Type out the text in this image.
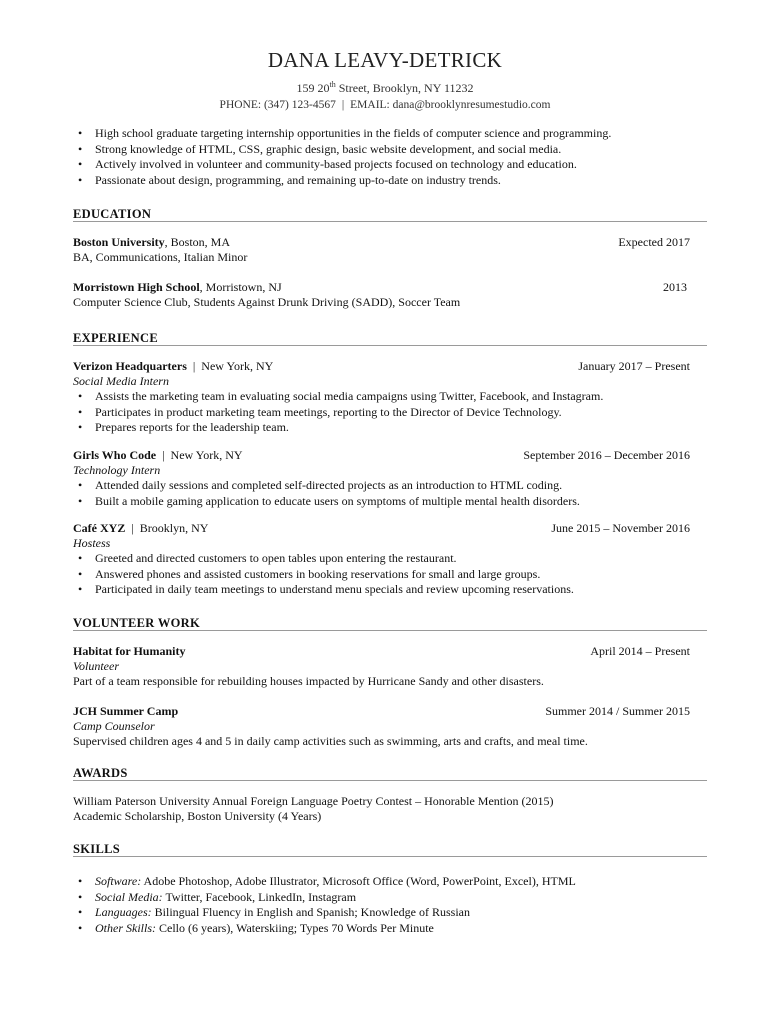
DANA LEAVY-DETRICK
159 20th Street, Brooklyn, NY 11232
PHONE: (347) 123-4567 | EMAIL: dana@brooklynresumestudio.com
• High school graduate targeting internship opportunities in the fields of computer science and programming.
• Strong knowledge of HTML, CSS, graphic design, basic website development, and social media.
• Actively involved in volunteer and community-based projects focused on technology and education.
• Passionate about design, programming, and remaining up-to-date on industry trends.
EDUCATION
Boston University, Boston, MA	Expected 2017
BA, Communications, Italian Minor
Morristown High School, Morristown, NJ	2013
Computer Science Club, Students Against Drunk Driving (SADD), Soccer Team
EXPERIENCE
Verizon Headquarters | New York, NY	January 2017 – Present
Social Media Intern
• Assists the marketing team in evaluating social media campaigns using Twitter, Facebook, and Instagram.
• Participates in product marketing team meetings, reporting to the Director of Device Technology.
• Prepares reports for the leadership team.
Girls Who Code | New York, NY	September 2016 – December 2016
Technology Intern
• Attended daily sessions and completed self-directed projects as an introduction to HTML coding.
• Built a mobile gaming application to educate users on symptoms of multiple mental health disorders.
Café XYZ | Brooklyn, NY	June 2015 – November 2016
Hostess
• Greeted and directed customers to open tables upon entering the restaurant.
• Answered phones and assisted customers in booking reservations for small and large groups.
• Participated in daily team meetings to understand menu specials and review upcoming reservations.
VOLUNTEER WORK
Habitat for Humanity	April 2014 – Present
Volunteer
Part of a team responsible for rebuilding houses impacted by Hurricane Sandy and other disasters.
JCH Summer Camp	Summer 2014 / Summer 2015
Camp Counselor
Supervised children ages 4 and 5 in daily camp activities such as swimming, arts and crafts, and meal time.
AWARDS
William Paterson University Annual Foreign Language Poetry Contest – Honorable Mention (2015)
Academic Scholarship, Boston University (4 Years)
SKILLS
• Software: Adobe Photoshop, Adobe Illustrator, Microsoft Office (Word, PowerPoint, Excel), HTML
• Social Media: Twitter, Facebook, LinkedIn, Instagram
• Languages: Bilingual Fluency in English and Spanish; Knowledge of Russian
• Other Skills: Cello (6 years), Waterskiing; Types 70 Words Per Minute
